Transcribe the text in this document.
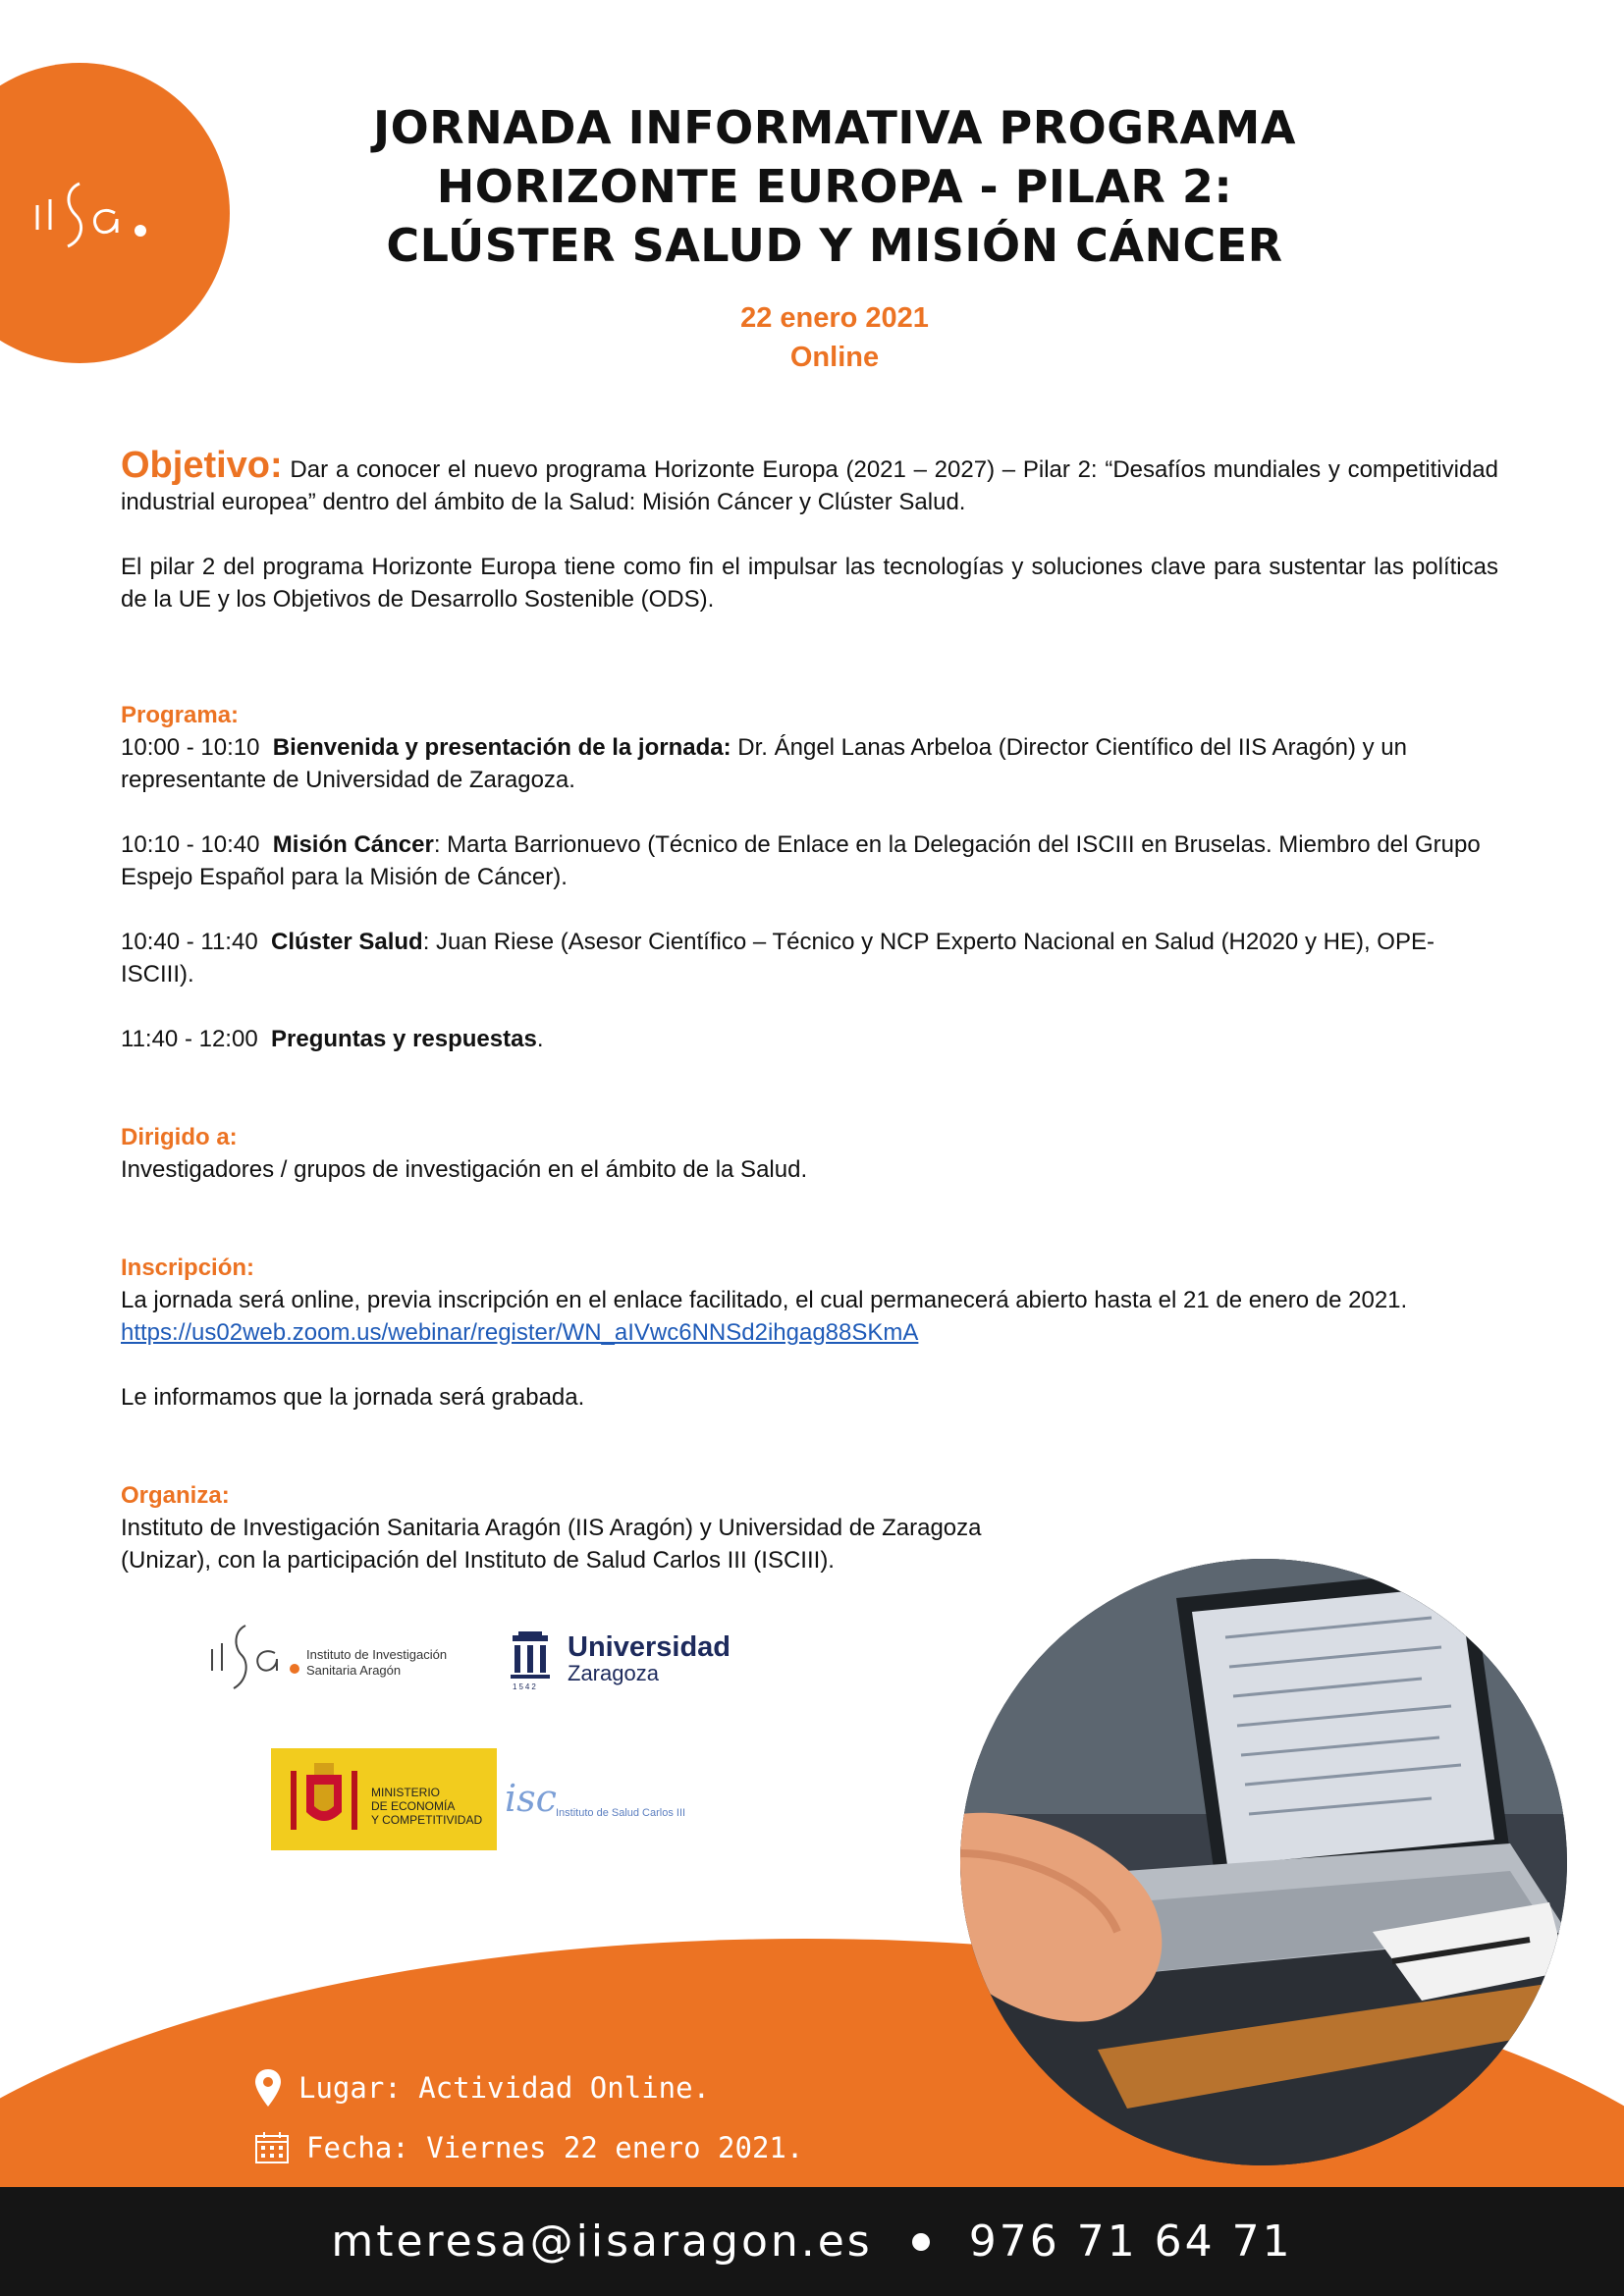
JORNADA INFORMATIVA PROGRAMA
HORIZONTE EUROPA - PILAR 2:
CLÚSTER SALUD Y MISIÓN CÁNCER
22 enero 2021
Online

Objetivo: Dar a conocer el nuevo programa Horizonte Europa (2021 – 2027) – Pilar 2: “Desafíos mundiales y competitividad industrial europea” dentro del ámbito de la Salud: Misión Cáncer y Clúster Salud.

El pilar 2 del programa Horizonte Europa tiene como fin el impulsar las tecnologías y soluciones clave para sustentar las políticas de la UE y los Objetivos de Desarrollo Sostenible (ODS).

Programa:

10:00 - 10:10 Bienvenida y presentación de la jornada: Dr. Ángel Lanas Arbeloa (Director Científico del IIS Aragón) y un representante de Universidad de Zaragoza.

10:10 - 10:40 Misión Cáncer: Marta Barrionuevo (Técnico de Enlace en la Delegación del ISCIII en Bruselas. Miembro del Grupo Espejo Español para la Misión de Cáncer).

10:40 - 11:40 Clúster Salud: Juan Riese (Asesor Científico – Técnico y NCP Experto Nacional en Salud (H2020 y HE), OPE-ISCIII).

11:40 - 12:00 Preguntas y respuestas.

Dirigido a:

Investigadores / grupos de investigación en el ámbito de la Salud.

Inscripción:

La jornada será online, previa inscripción en el enlace facilitado, el cual permanecerá abierto hasta el 21 de enero de 2021.

https://us02web.zoom.us/webinar/register/WN_aIVwc6NNSd2ihgag88SKmA

Le informamos que la jornada será grabada.

Organiza:

Instituto de Investigación Sanitaria Aragón (IIS Aragón) y Universidad de Zaragoza

(Unizar), con la participación del Instituto de Salud Carlos III (ISCIII).

Instituto de Investigación
Sanitaria Aragón
1542
Universidad
Zaragoza
MINISTERIO
DE ECONOMÍA
Y COMPETITIVIDAD isc Instituto de Salud Carlos III
Lugar: Actividad Online.
Fecha: Viernes 22 enero 2021.
mteresa@iisaragon.es 976 71 64 71
